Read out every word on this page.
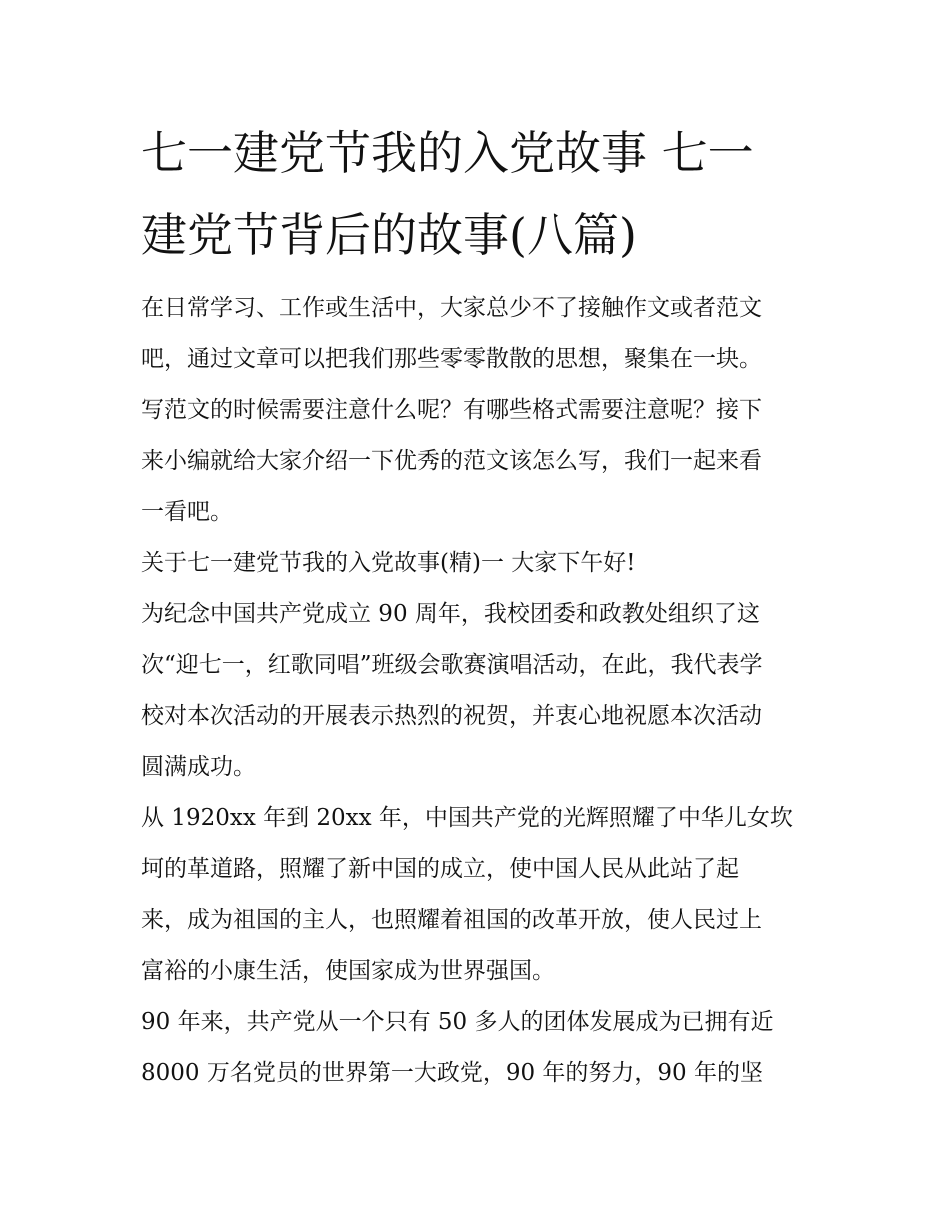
七一建党节我的入党故事 七一
建党节背后的故事(八篇)
在日常学习、工作或生活中，大家总少不了接触作文或者范文
吧，通过文章可以把我们那些零零散散的思想，聚集在一块。
写范文的时候需要注意什么呢？有哪些格式需要注意呢？接下
来小编就给大家介绍一下优秀的范文该怎么写，我们一起来看
一看吧。
关于七一建党节我的入党故事(精)一 大家下午好!
为纪念中国共产党成立 90 周年，我校团委和政教处组织了这
次“迎七一，红歌同唱”班级会歌赛演唱活动，在此，我代表学
校对本次活动的开展表示热烈的祝贺，并衷心地祝愿本次活动
圆满成功。
从 1920xx 年到 20xx 年，中国共产党的光辉照耀了中华儿女坎
坷的革道路，照耀了新中国的成立，使中国人民从此站了起
来，成为祖国的主人，也照耀着祖国的改革开放，使人民过上
富裕的小康生活，使国家成为世界强国。
90 年来，共产党从一个只有 50 多人的团体发展成为已拥有近
8000 万名党员的世界第一大政党，90 年的努力，90 年的坚
